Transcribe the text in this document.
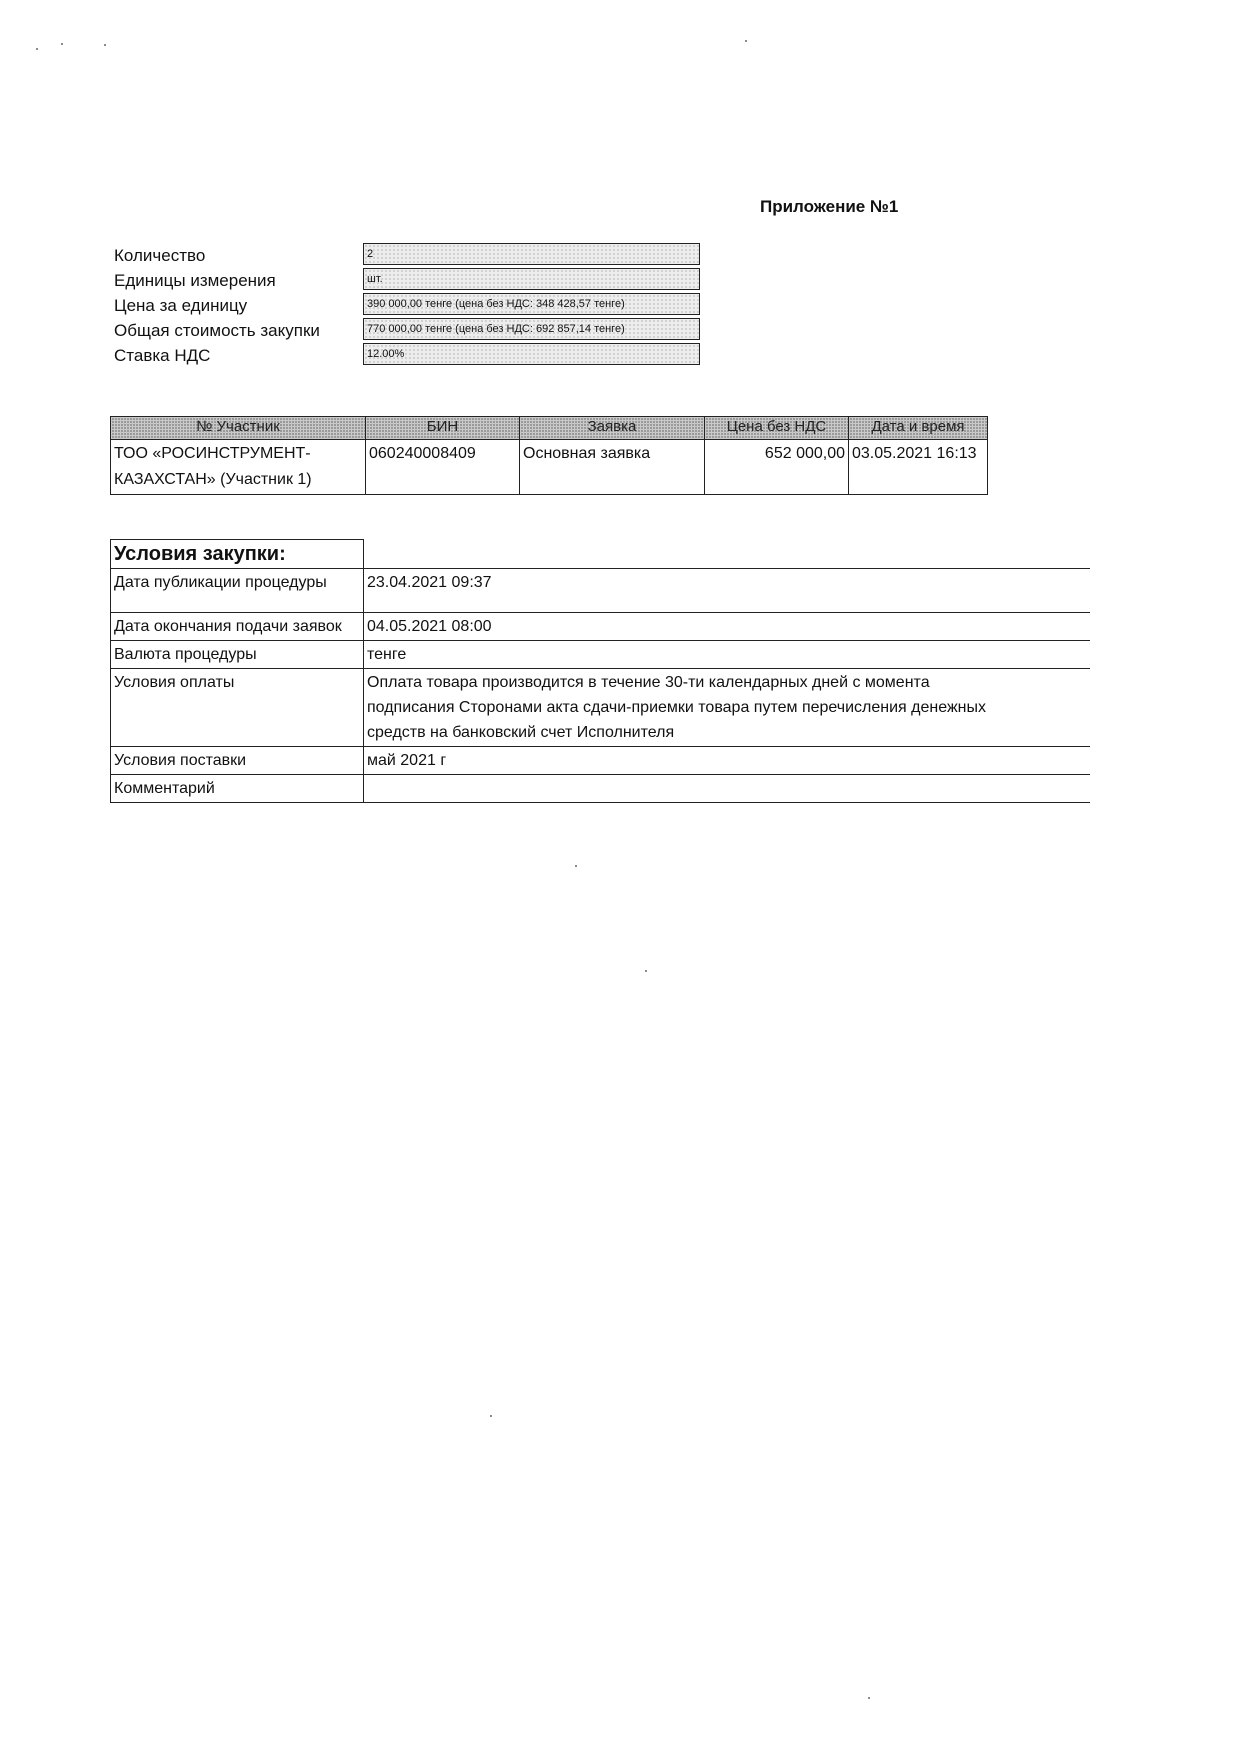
Приложение №1
Количество	2
Единицы измерения	шт.
Цена за единицу	390 000,00 тенге (цена без НДС: 348 428,57 тенге)
Общая стоимость закупки	770 000,00 тенге (цена без НДС: 692 857,14 тенге)
Ставка НДС	12.00%
№ Участник	БИН	Заявка	Цена без НДС	Дата и время
ТОО «РОСИНСТРУМЕНТ-КАЗАХСТАН» (Участник 1)	060240008409	Основная заявка	652 000,00	03.05.2021 16:13
Условия закупки:	
Дата публикации процедуры	23.04.2021 09:37
Дата окончания подачи заявок	04.05.2021 08:00
Валюта процедуры	тенге
Условия оплаты	Оплата товара производится в течение 30-ти календарных дней с момента подписания Сторонами акта сдачи-приемки товара путем перечисления денежных средств на банковский счет Исполнителя
Условия поставки	май 2021 г
Комментарий	
